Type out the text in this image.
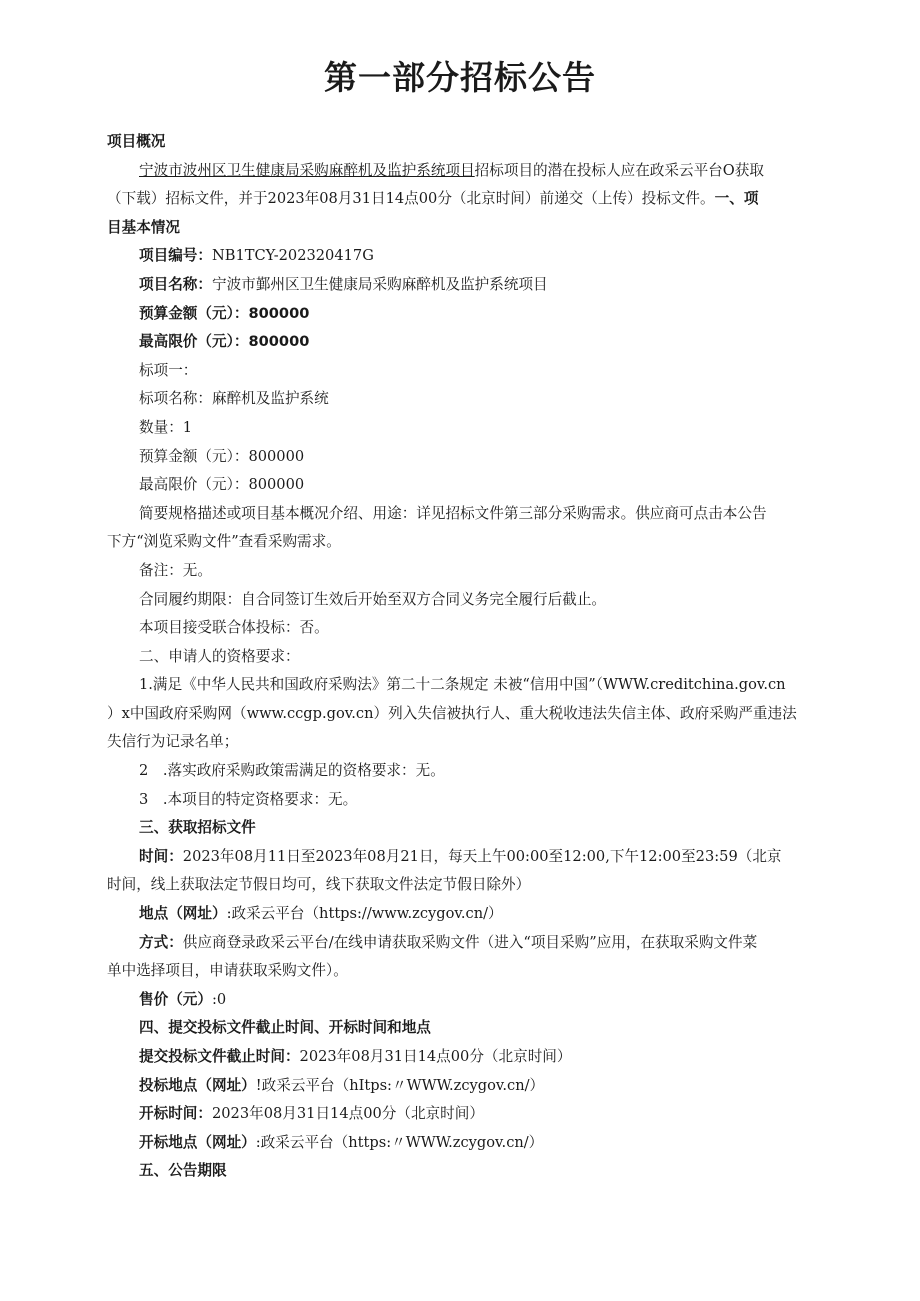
第一部分招标公告

项目概况

宁波市波州区卫生健康局采购麻醉机及监护系统项目招标项目的潜在投标人应在政采云平台O获取

（下载）招标文件，并于2023年08月31日14点00分（北京时间）前递交（上传）投标文件。一、项

目基本情况

项目编号：NB1TCY-202320417G

项目名称：宁波市鄞州区卫生健康局采购麻醉机及监护系统项目

预算金额（元）：800000

最高限价（元）：800000

标项一：

标项名称：麻醉机及监护系统

数量：1

预算金额（元）：800000

最高限价（元）：800000

简要规格描述或项目基本概况介绍、用途：详见招标文件第三部分采购需求。供应商可点击本公告

下方“浏览采购文件”查看采购需求。

备注：无。

合同履约期限：自合同签订生效后开始至双方合同义务完全履行后截止。

本项目接受联合体投标：否。

二、申请人的资格要求：

1.满足《中华人民共和国政府采购法》第二十二条规定 未被“信用中国”（WWW.creditchina.gov.cn

）x中国政府采购网（www.ccgp.gov.cn）列入失信被执行人、重大税收违法失信主体、政府采购严重违法

失信行为记录名单；

2　.落实政府采购政策需满足的资格要求：无。

3　.本项目的特定资格要求：无。

三、获取招标文件

时间：2023年08月11日至2023年08月21日，每天上午00:00至12:00,下午12:00至23:59（北京

时间，线上获取法定节假日均可，线下获取文件法定节假日除外）

地点（网址）:政采云平台（https://www.zcygov.cn/）

方式：供应商登录政采云平台/在线申请获取采购文件（进入“项目采购”应用，在获取采购文件菜

单中选择项目，申请获取采购文件）。

售价（元）:0

四、提交投标文件截止时间、开标时间和地点

提交投标文件截止时间：2023年08月31日14点00分（北京时间）

投标地点（网址）!政采云平台（hItps:〃WWW.zcygov.cn/）

开标时间：2023年08月31日14点00分（北京时间）

开标地点（网址）:政采云平台（https:〃WWW.zcygov.cn/）

五、公告期限
